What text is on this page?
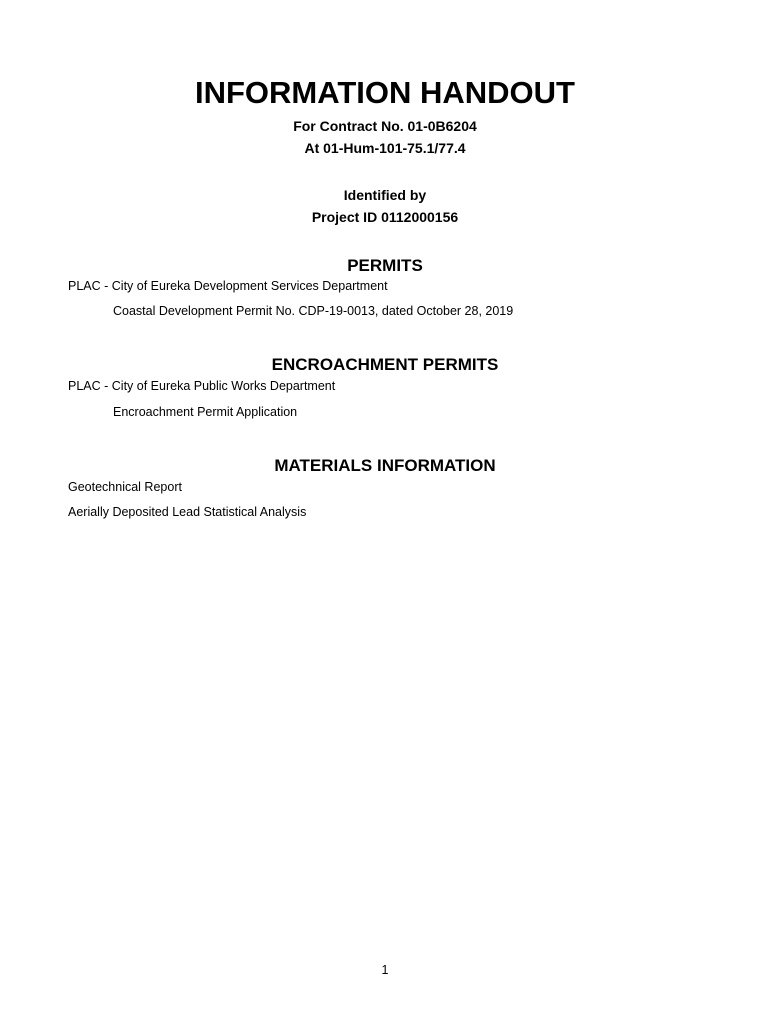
INFORMATION HANDOUT
For Contract No. 01-0B6204
At 01-Hum-101-75.1/77.4
Identified by
Project ID 0112000156
PERMITS
PLAC - City of Eureka Development Services Department
Coastal Development Permit No. CDP-19-0013, dated October 28, 2019
ENCROACHMENT PERMITS
PLAC - City of Eureka Public Works Department
Encroachment Permit Application
MATERIALS INFORMATION
Geotechnical Report
Aerially Deposited Lead Statistical Analysis
1
